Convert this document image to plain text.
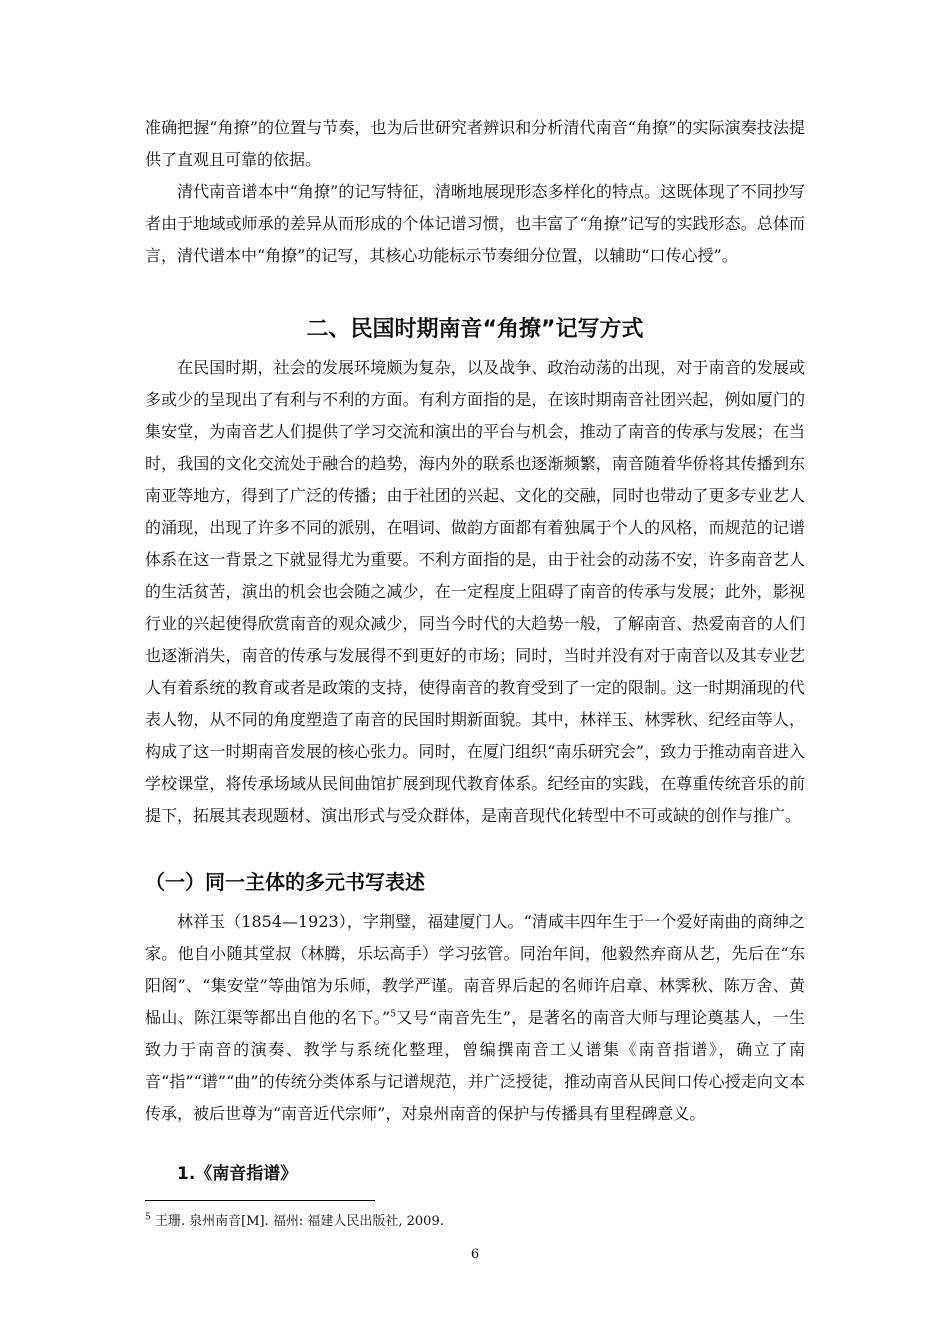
准确把握“角撩”的位置与节奏，也为后世研究者辨识和分析清代南音“角撩”的实际演奏技法提供了直观且可靠的依据。

清代南音谱本中“角撩”的记写特征，清晰地展现形态多样化的特点。这既体现了不同抄写者由于地域或师承的差异从而形成的个体记谱习惯，也丰富了“角撩”记写的实践形态。总体而言，清代谱本中“角撩”的记写，其核心功能标示节奏细分位置，以辅助“口传心授”。

二、民国时期南音“角撩”记写方式

在民国时期，社会的发展环境颇为复杂，以及战争、政治动荡的出现，对于南音的发展或多或少的呈现出了有利与不利的方面。有利方面指的是，在该时期南音社团兴起，例如厦门的集安堂，为南音艺人们提供了学习交流和演出的平台与机会，推动了南音的传承与发展；在当时，我国的文化交流处于融合的趋势，海内外的联系也逐渐频繁，南音随着华侨将其传播到东南亚等地方，得到了广泛的传播；由于社团的兴起、文化的交融，同时也带动了更多专业艺人的涌现，出现了许多不同的派别，在唱词、做韵方面都有着独属于个人的风格，而规范的记谱体系在这一背景之下就显得尤为重要。不利方面指的是，由于社会的动荡不安，许多南音艺人的生活贫苦，演出的机会也会随之减少，在一定程度上阻碍了南音的传承与发展；此外，影视行业的兴起使得欣赏南音的观众减少，同当今时代的大趋势一般，了解南音、热爱南音的人们也逐渐消失，南音的传承与发展得不到更好的市场；同时，当时并没有对于南音以及其专业艺人有着系统的教育或者是政策的支持，使得南音的教育受到了一定的限制。这一时期涌现的代表人物，从不同的角度塑造了南音的民国时期新面貌。其中，林祥玉、林霁秋、纪经亩等人，构成了这一时期南音发展的核心张力。同时，在厦门组织“南乐研究会”，致力于推动南音进入学校课堂，将传承场域从民间曲馆扩展到现代教育体系。纪经亩的实践，在尊重传统音乐的前提下，拓展其表现题材、演出形式与受众群体，是南音现代化转型中不可或缺的创作与推广。

（一）同一主体的多元书写表述

林祥玉（1854—1923），字荆璧，福建厦门人。“清咸丰四年生于一个爱好南曲的商绅之家。他自小随其堂叔（林腾，乐坛高手）学习弦管。同治年间，他毅然弃商从艺，先后在“东阳阁”、“集安堂”等曲馆为乐师，教学严谨。南音界后起的名师许启章、林霁秋、陈万舍、黄榀山、陈江渠等都出自他的名下。”$^5$又号“南音先生”，是著名的南音大师与理论奠基人，一生致力于南音的演奏、教学与系统化整理，曾编撰南音工乂谱集《南音指谱》，确立了南音“指”“谱”“曲”的传统分类体系与记谱规范，并广泛授徒，推动南音从民间口传心授走向文本传承，被后世尊为“南音近代宗师”，对泉州南音的保护与传播具有里程碑意义。

1.《南音指谱》
$^5$ 王珊. 泉州南音[M]. 福州: 福建人民出版社, 2009.
6
